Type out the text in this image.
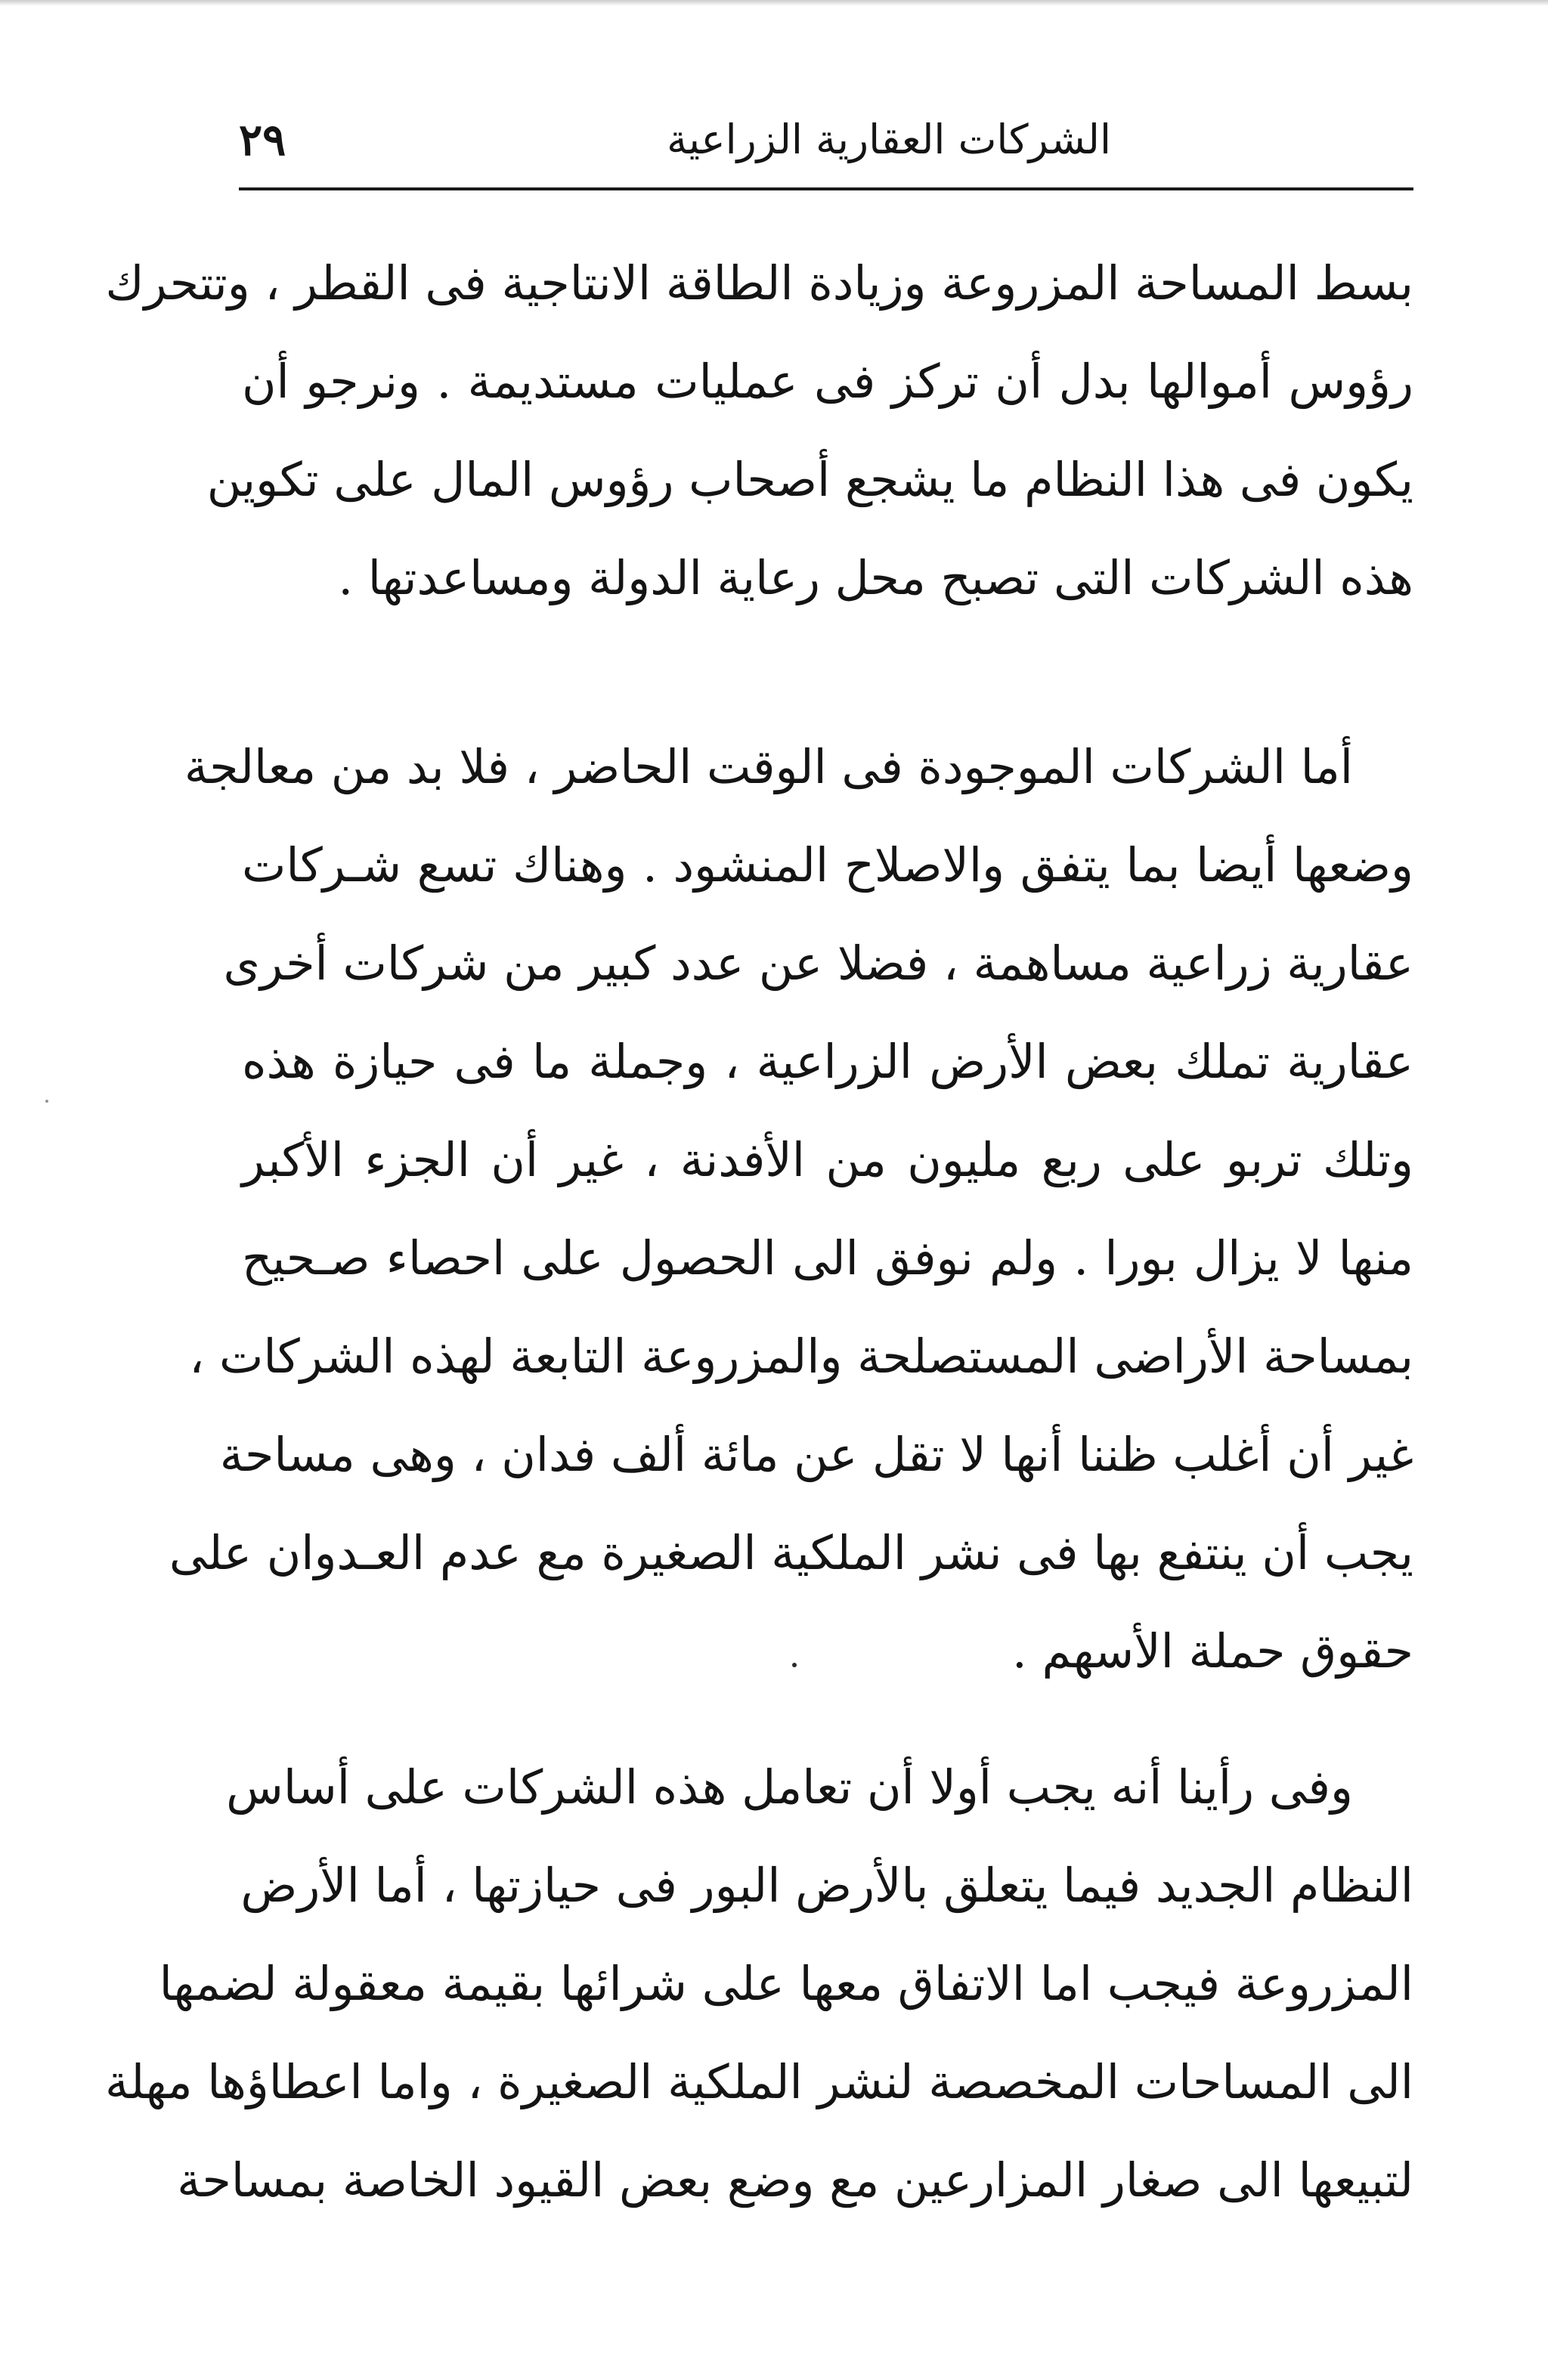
الشركات العقارية الزراعية
٢٩

بسط المساحة المزروعة وزيادة الطاقة الانتاجية فى القطر ، وتتحرك

رؤوس أموالها بدل أن تركز فى عمليات مستديمة . ونرجو أن

يكون فى هذا النظام ما يشجع أصحاب رؤوس المال على تكوين

هذه الشركات التى تصبح محل رعاية الدولة ومساعدتها .

أما الشركات الموجودة فى الوقت الحاضر ، فلا بد من معالجة

وضعها أيضا بما يتفق والاصلاح المنشود . وهناك تسع شـركات

عقارية زراعية مساهمة ، فضلا عن عدد كبير من شركات أخرى

عقارية تملك بعض الأرض الزراعية ، وجملة ما فى حيازة هذه

وتلك تربو على ربع مليون من الأفدنة ، غير أن الجزء الأكبر

منها لا يزال بورا . ولم نوفق الى الحصول على احصاء صـحيح

بمساحة الأراضى المستصلحة والمزروعة التابعة لهذه الشركات ،

غير أن أغلب ظننا أنها لا تقل عن مائة ألف فدان ، وهى مساحة

يجب أن ينتفع بها فى نشر الملكية الصغيرة مع عدم العـدوان على

حقوق حملة الأسهم .

وفى رأينا أنه يجب أولا أن تعامل هذه الشركات على أساس

النظام الجديد فيما يتعلق بالأرض البور فى حيازتها ، أما الأرض

المزروعة فيجب اما الاتفاق معها على شرائها بقيمة معقولة لضمها

الى المساحات المخصصة لنشر الملكية الصغيرة ، واما اعطاؤها مهلة

لتبيعها الى صغار المزارعين مع وضع بعض القيود الخاصة بمساحة
